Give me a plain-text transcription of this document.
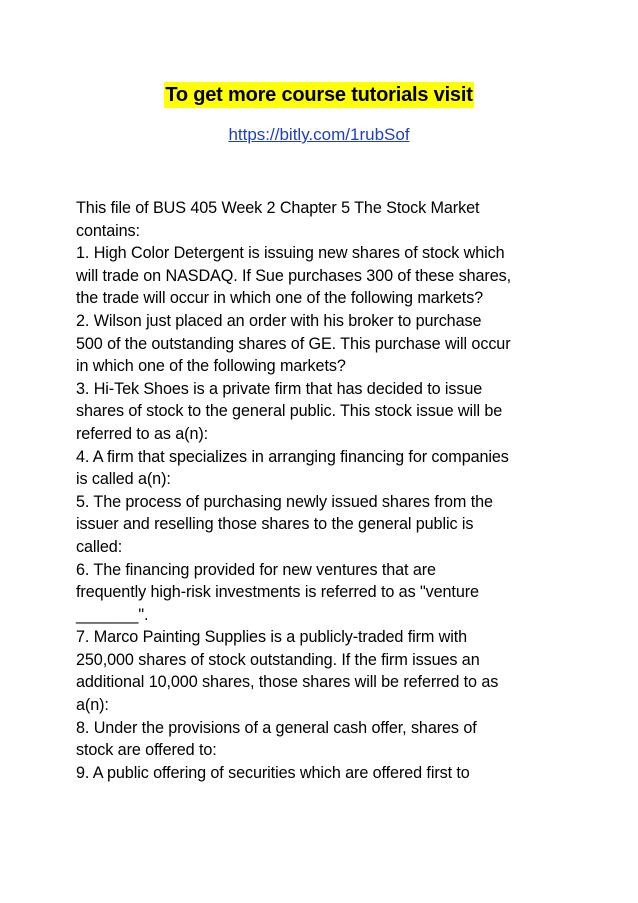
To get more course tutorials visit
https://bitly.com/1rubSof

This file of BUS 405 Week 2 Chapter 5 The Stock Market
contains:

1. High Color Detergent is issuing new shares of stock which
will trade on NASDAQ. If Sue purchases 300 of these shares,
the trade will occur in which one of the following markets?

2. Wilson just placed an order with his broker to purchase
500 of the outstanding shares of GE. This purchase will occur
in which one of the following markets?

3. Hi-Tek Shoes is a private firm that has decided to issue
shares of stock to the general public. This stock issue will be
referred to as a(n):

4. A firm that specializes in arranging financing for companies
is called a(n):

5. The process of purchasing newly issued shares from the
issuer and reselling those shares to the general public is
called:

6. The financing provided for new ventures that are
frequently high-risk investments is referred to as "venture
_______".

7. Marco Painting Supplies is a publicly-traded firm with
250,000 shares of stock outstanding. If the firm issues an
additional 10,000 shares, those shares will be referred to as
a(n):

8. Under the provisions of a general cash offer, shares of
stock are offered to:

9. A public offering of securities which are offered first to
